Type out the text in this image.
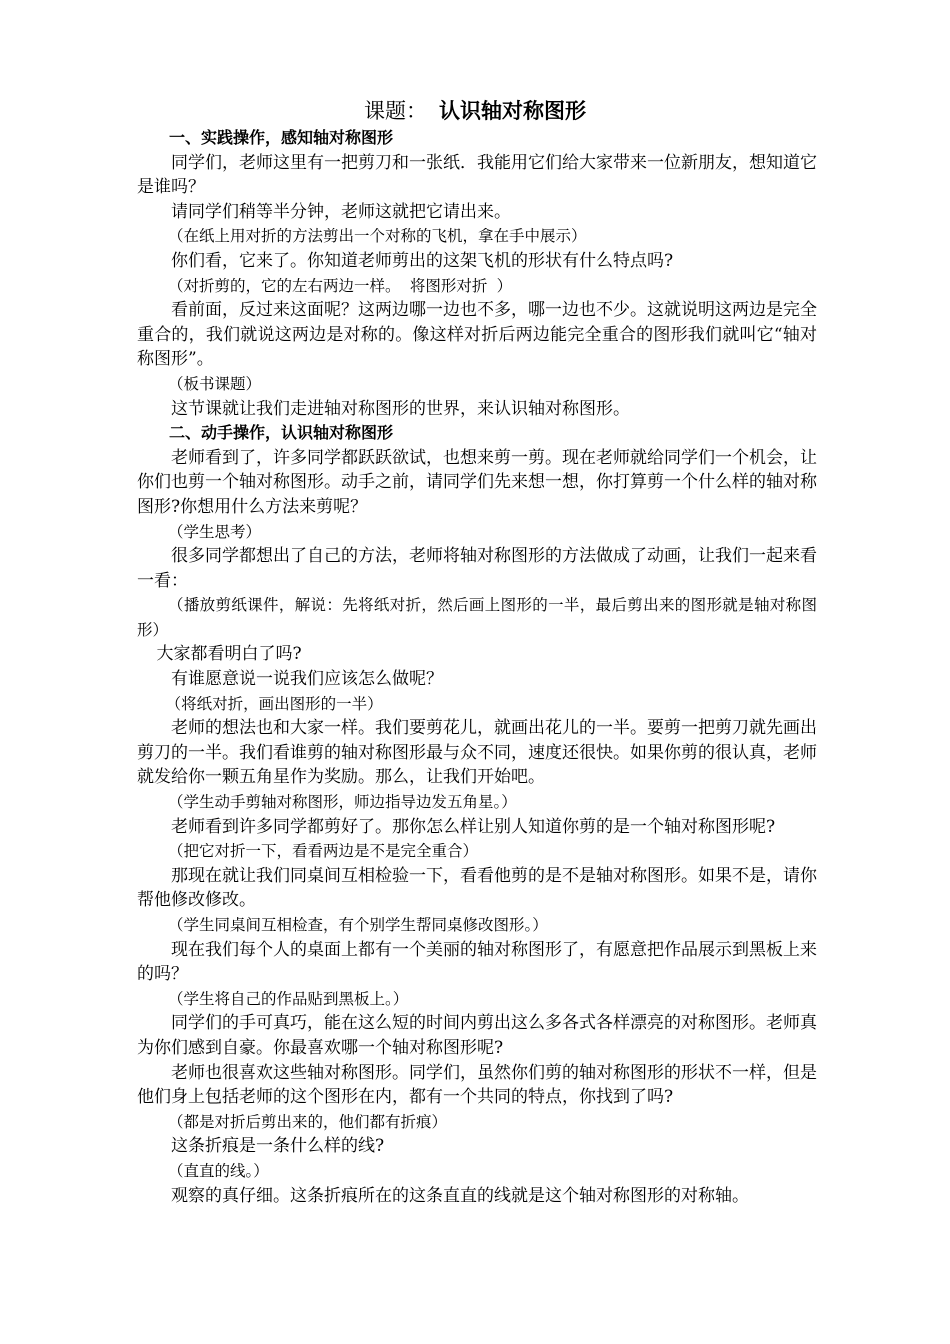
课题： 认识轴对称图形

一、实践操作，感知轴对称图形

同学们，老师这里有一把剪刀和一张纸．我能用它们给大家带来一位新朋友，想知道它是谁吗？

请同学们稍等半分钟，老师这就把它请出来。

（在纸上用对折的方法剪出一个对称的飞机，拿在手中展示）

你们看，它来了。你知道老师剪出的这架飞机的形状有什么特点吗?

（对折剪的，它的左右两边一样。 将图形对折 ）

看前面，反过来这面呢？这两边哪一边也不多，哪一边也不少。这就说明这两边是完全重合的，我们就说这两边是对称的。像这样对折后两边能完全重合的图形我们就叫它“轴对称图形”。

（板书课题）

这节课就让我们走进轴对称图形的世界，来认识轴对称图形。

二、动手操作，认识轴对称图形

老师看到了，许多同学都跃跃欲试，也想来剪一剪。现在老师就给同学们一个机会，让你们也剪一个轴对称图形。动手之前，请同学们先来想一想，你打算剪一个什么样的轴对称图形?你想用什么方法来剪呢？

（学生思考）

很多同学都想出了自己的方法，老师将轴对称图形的方法做成了动画，让我们一起来看一看：

（播放剪纸课件，解说：先将纸对折，然后画上图形的一半，最后剪出来的图形就是轴对称图形）

大家都看明白了吗?

有谁愿意说一说我们应该怎么做呢？

（将纸对折，画出图形的一半）

老师的想法也和大家一样。我们要剪花儿，就画出花儿的一半。要剪一把剪刀就先画出剪刀的一半。我们看谁剪的轴对称图形最与众不同，速度还很快。如果你剪的很认真，老师就发给你一颗五角星作为奖励。那么，让我们开始吧。

（学生动手剪轴对称图形，师边指导边发五角星。）

老师看到许多同学都剪好了。那你怎么样让别人知道你剪的是一个轴对称图形呢?

（把它对折一下，看看两边是不是完全重合）

那现在就让我们同桌间互相检验一下，看看他剪的是不是轴对称图形。如果不是，请你帮他修改修改。

（学生同桌间互相检查，有个别学生帮同桌修改图形。）

现在我们每个人的桌面上都有一个美丽的轴对称图形了，有愿意把作品展示到黑板上来的吗？

（学生将自己的作品贴到黑板上。）

同学们的手可真巧，能在这么短的时间内剪出这么多各式各样漂亮的对称图形。老师真为你们感到自豪。你最喜欢哪一个轴对称图形呢?

老师也很喜欢这些轴对称图形。同学们，虽然你们剪的轴对称图形的形状不一样，但是他们身上包括老师的这个图形在内，都有一个共同的特点，你找到了吗?

（都是对折后剪出来的，他们都有折痕）

这条折痕是一条什么样的线?

（直直的线。）

观察的真仔细。这条折痕所在的这条直直的线就是这个轴对称图形的对称轴。
